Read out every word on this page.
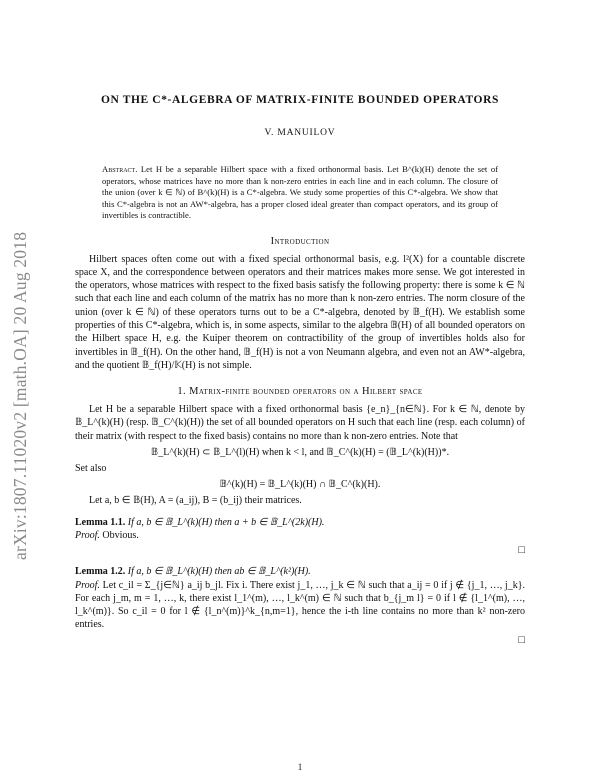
arXiv:1807.11020v2 [math.OA] 20 Aug 2018
ON THE C*-ALGEBRA OF MATRIX-FINITE BOUNDED OPERATORS
V. MANUILOV
Abstract. Let H be a separable Hilbert space with a fixed orthonormal basis. Let B^(k)(H) denote the set of operators, whose matrices have no more than k non-zero entries in each line and in each column. The closure of the union (over k ∈ ℕ) of B^(k)(H) is a C*-algebra. We study some properties of this C*-algebra. We show that this C*-algebra is not an AW*-algebra, has a proper closed ideal greater than compact operators, and its group of invertibles is contractible.
Introduction

Hilbert spaces often come out with a fixed special orthonormal basis, e.g. l²(X) for a countable discrete space X, and the correspondence between operators and their matrices makes more sense. We got interested in the operators, whose matrices with respect to the fixed basis satisfy the following property: there is some k ∈ ℕ such that each line and each column of the matrix has no more than k non-zero entries. The norm closure of the union (over k ∈ ℕ) of these operators turns out to be a C*-algebra, denoted by 𝔹_f(H). We establish some properties of this C*-algebra, which is, in some aspects, similar to the algebra 𝔹(H) of all bounded operators on the Hilbert space H, e.g. the Kuiper theorem on contractibility of the group of invertibles holds also for invertibles in 𝔹_f(H). On the other hand, 𝔹_f(H) is not a von Neumann algebra, and even not an AW*-algebra, and the quotient 𝔹_f(H)/𝕂(H) is not simple.

1. Matrix-finite bounded operators on a Hilbert space

Let H be a separable Hilbert space with a fixed orthonormal basis {e_n}_{n∈ℕ}. For k ∈ ℕ, denote by 𝔹_L^(k)(H) (resp. 𝔹_C^(k)(H)) the set of all bounded operators on H such that each line (resp. each column) of their matrix (with respect to the fixed basis) contains no more than k non-zero entries. Note that

𝔹_L^(k)(H) ⊂ 𝔹_L^(l)(H) when k < l, and 𝔹_C^(k)(H) = (𝔹_L^(k)(H))*.

Set also

𝔹^(k)(H) = 𝔹_L^(k)(H) ∩ 𝔹_C^(k)(H).

Let a, b ∈ 𝔹(H), A = (a_ij), B = (b_ij) their matrices.

Lemma 1.1. If a, b ∈ 𝔹_L^(k)(H) then a + b ∈ 𝔹_L^(2k)(H).

Proof. Obvious.

□

Lemma 1.2. If a, b ∈ 𝔹_L^(k)(H) then ab ∈ 𝔹_L^(k²)(H).

Proof. Let c_il = Σ_{j∈ℕ} a_ij b_jl. Fix i. There exist j_1, …, j_k ∈ ℕ such that a_ij = 0 if j ∉ {j_1, …, j_k}. For each j_m, m = 1, …, k, there exist l_1^(m), …, l_k^(m) ∈ ℕ such that b_{j_m l} = 0 if l ∉ {l_1^(m), …, l_k^(m)}. So c_il = 0 for l ∉ {l_n^(m)}^k_{n,m=1}, hence the i-th line contains no more than k² non-zero entries.

□
1
